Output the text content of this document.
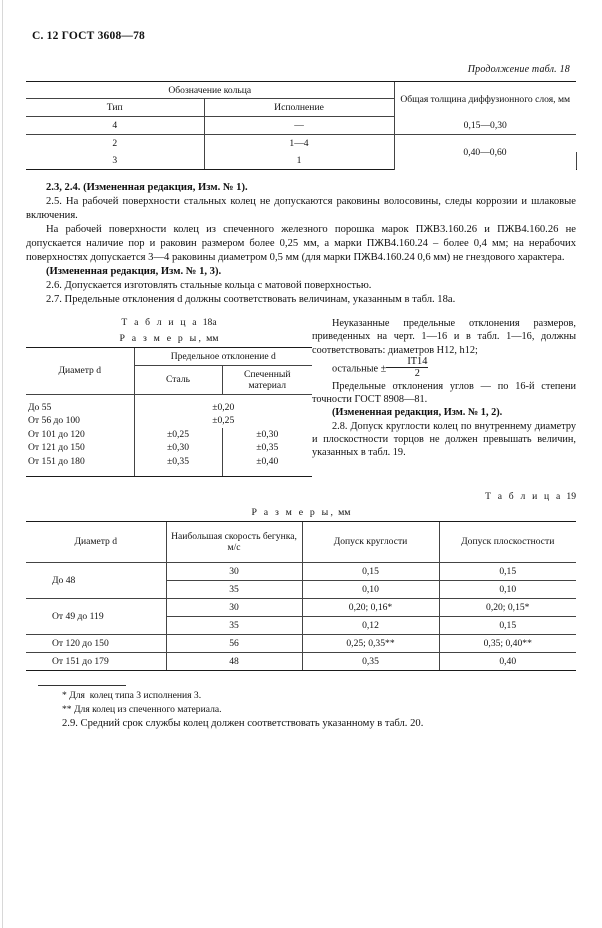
С. 12 ГОСТ 3608—78
Продолжение табл. 18
Обозначение кольца		Общая толщина диффузионного слоя, мм	
Тип	Исполнение		
4	—	0,15—0,30	
2	1—4	0,40—0,60	
3	1		

2.3, 2.4. (Измененная редакция, Изм. № 1).

2.5. На рабочей поверхности стальных колец не допускаются раковины волосовины, следы коррозии и шлаковые включения.

На рабочей поверхности колец из спеченного железного порошка марок ПЖВ3.160.26 и ПЖВ4.160.26 не допускается наличие пор и раковин размером более 0,25 мм, а марки ПЖВ4.160.24 – более 0,4 мм; на нерабочих поверхностях допускается 3—4 раковины диаметром 0,5 мм (для марки ПЖВ4.160.24 0,6 мм) не гнездового характера.

(Измененная редакция, Изм. № 1, 3).

2.6. Допускается изготовлять стальные кольца с матовой поверхностью.

2.7. Предельные отклонения d должны соответствовать величинам, указанным в табл. 18а.

Т а б л и ц а 18а
Р а з м е р ы, мм
Диаметр d	Предельное отклонение d	
	Сталь	Спеченный материал
До 55	±0,20	
От 56 до 100	±0,25	
От 101 до 120	±0,25	±0,30
От 121 до 150	±0,30	±0,35
От 151 до 180	±0,35	±0,40

Неуказанные предельные отклонения размеров, приведенных на черт. 1—16 и в табл. 1—16, должны соответствовать: диаметров Н12, h12;

остальные ± $\frac{IT14}{2}$

Предельные отклонения углов — по 16-й степени точности ГОСТ 8908—81.

(Измененная редакция, Изм. № 1, 2).

2.8. Допуск круглости колец по внутреннему диаметру и плоскостности торцов не должен превышать величин, указанных в табл. 19.

Т а б л и ц а 19
Р а з м е р ы, мм
Диаметр d	Наибольшая скорость бегунка, м/с	Допуск круглости	Допуск плоскостности
До 48	30	0,15	0,15
	35	0,10	0,10
От 49 до 119	30	0,20; 0,16*	0,20; 0,15*
	35	0,12	0,15
От 120 до 150	56	0,25; 0,35**	0,35; 0,40**
От 151 до 179	48	0,35	0,40
* Для  колец типа 3 исполнения 3.
** Для колец из спеченного материала.

2.9. Средний срок службы колец должен соответствовать указанному в табл. 20.
